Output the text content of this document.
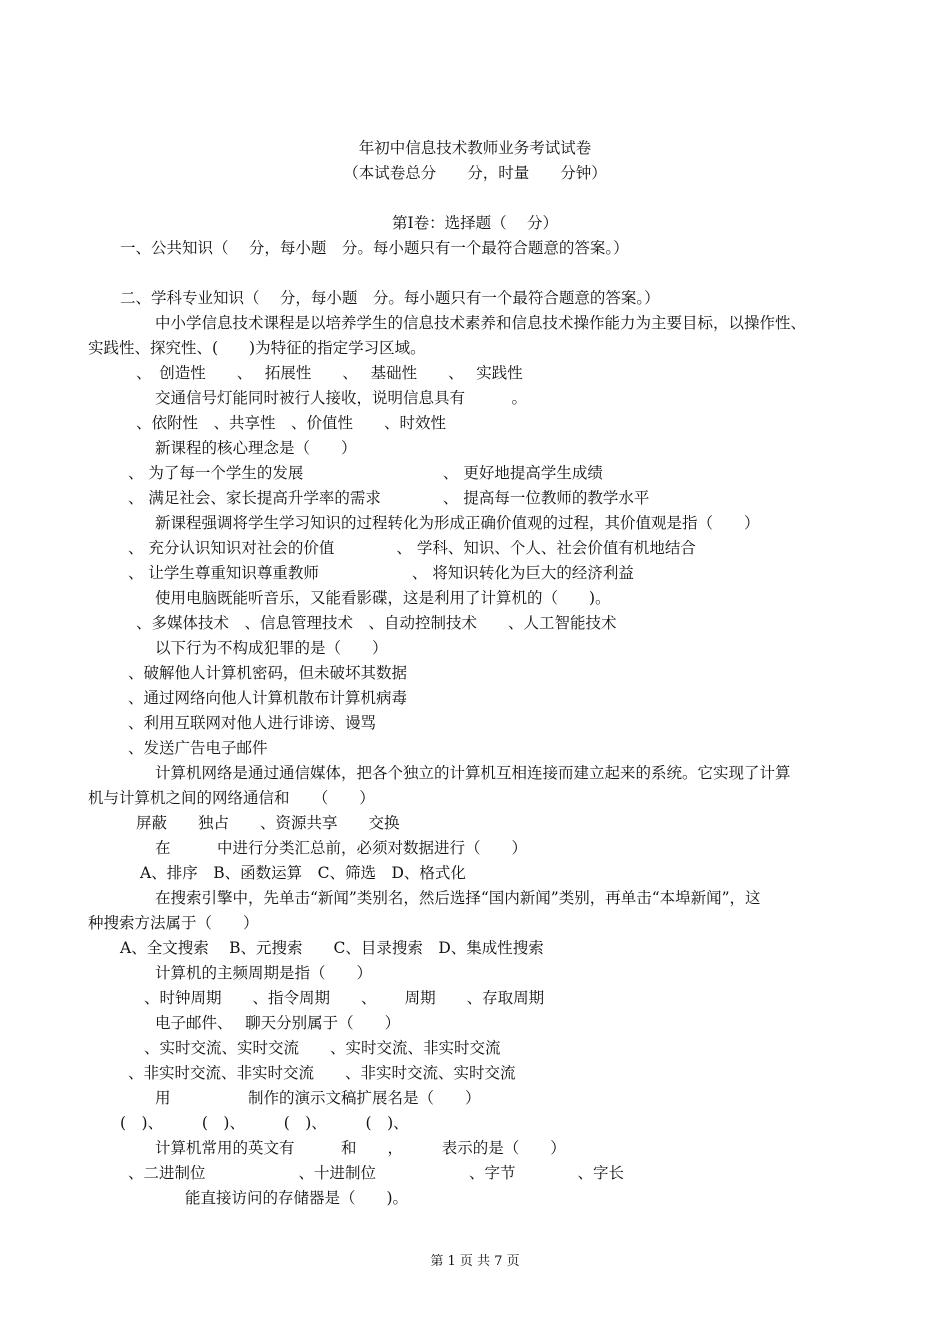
年初中信息技术教师业务考试试卷
（本试卷总分　　分，时量　　分钟）
第Ⅰ卷：选择题（　 分）
一、公共知识（　 分，每小题　分。每小题只有一个最符合题意的答案。）
二、学科专业知识（　 分，每小题　分。每小题只有一个最符合题意的答案。）
中小学信息技术课程是以培养学生的信息技术素养和信息技术操作能力为主要目标，以操作性、
实践性、探究性、(　　)为特征的指定学习区域。
、　创造性　　、　 拓展性　　、　 基础性　　、　 实践性
交通信号灯能同时被行人接收，说明信息具有　　　。
、依附性　、共享性　、价值性　　、时效性
新课程的核心理念是（　　）
、 为了每一个学生的发展　　　　　　　　　、 更好地提高学生成绩
、 满足社会、家长提高升学率的需求　　　　、 提高每一位教师的教学水平
新课程强调将学生学习知识的过程转化为形成正确价值观的过程，其价值观是指（　　）
、 充分认识知识对社会的价值　　　　、 学科、知识、个人、社会价值有机地结合
、 让学生尊重知识尊重教师　　　　　　、 将知识转化为巨大的经济利益
使用电脑既能听音乐，又能看影碟，这是利用了计算机的（　　)。
、多媒体技术　、信息管理技术　、自动控制技术　　、人工智能技术
以下行为不构成犯罪的是（　　）
、破解他人计算机密码，但未破坏其数据
、通过网络向他人计算机散布计算机病毒
、利用互联网对他人进行诽谤、谩骂
、发送广告电子邮件
计算机网络是通过通信媒体，把各个独立的计算机互相连接而建立起来的系统。它实现了计算
机与计算机之间的网络通信和　　（　　）
屏蔽　　独占　　、资源共享　　交换
在　　　中进行分类汇总前，必须对数据进行（　　）
A、排序　B、函数运算　C、筛选　D、格式化
在搜索引擎中，先单击“新闻”类别名，然后选择“国内新闻”类别，再单击“本埠新闻”，这
种搜索方法属于（　　）
A、全文搜索　 B、元搜索　　C、目录搜索　D、集成性搜索
计算机的主频周期是指（　　）
、时钟周期　　、指令周期　　、　　 周期　　、存取周期
电子邮件、　 聊天分别属于（　　）
、实时交流、实时交流　　、实时交流、非实时交流
、非实时交流、非实时交流　　、非实时交流、实时交流
用　　　　　制作的演示文稿扩展名是（　　）
(　)、　　　(　)、　　　(　)、　　　(　)、
计算机常用的英文有　　　和　　，　　　表示的是（　　）
、二进制位　　　　　　、十进制位　　　　　　、字节　　　　、字长
能直接访问的存储器是（　　)。
第 1 页 共 7 页
